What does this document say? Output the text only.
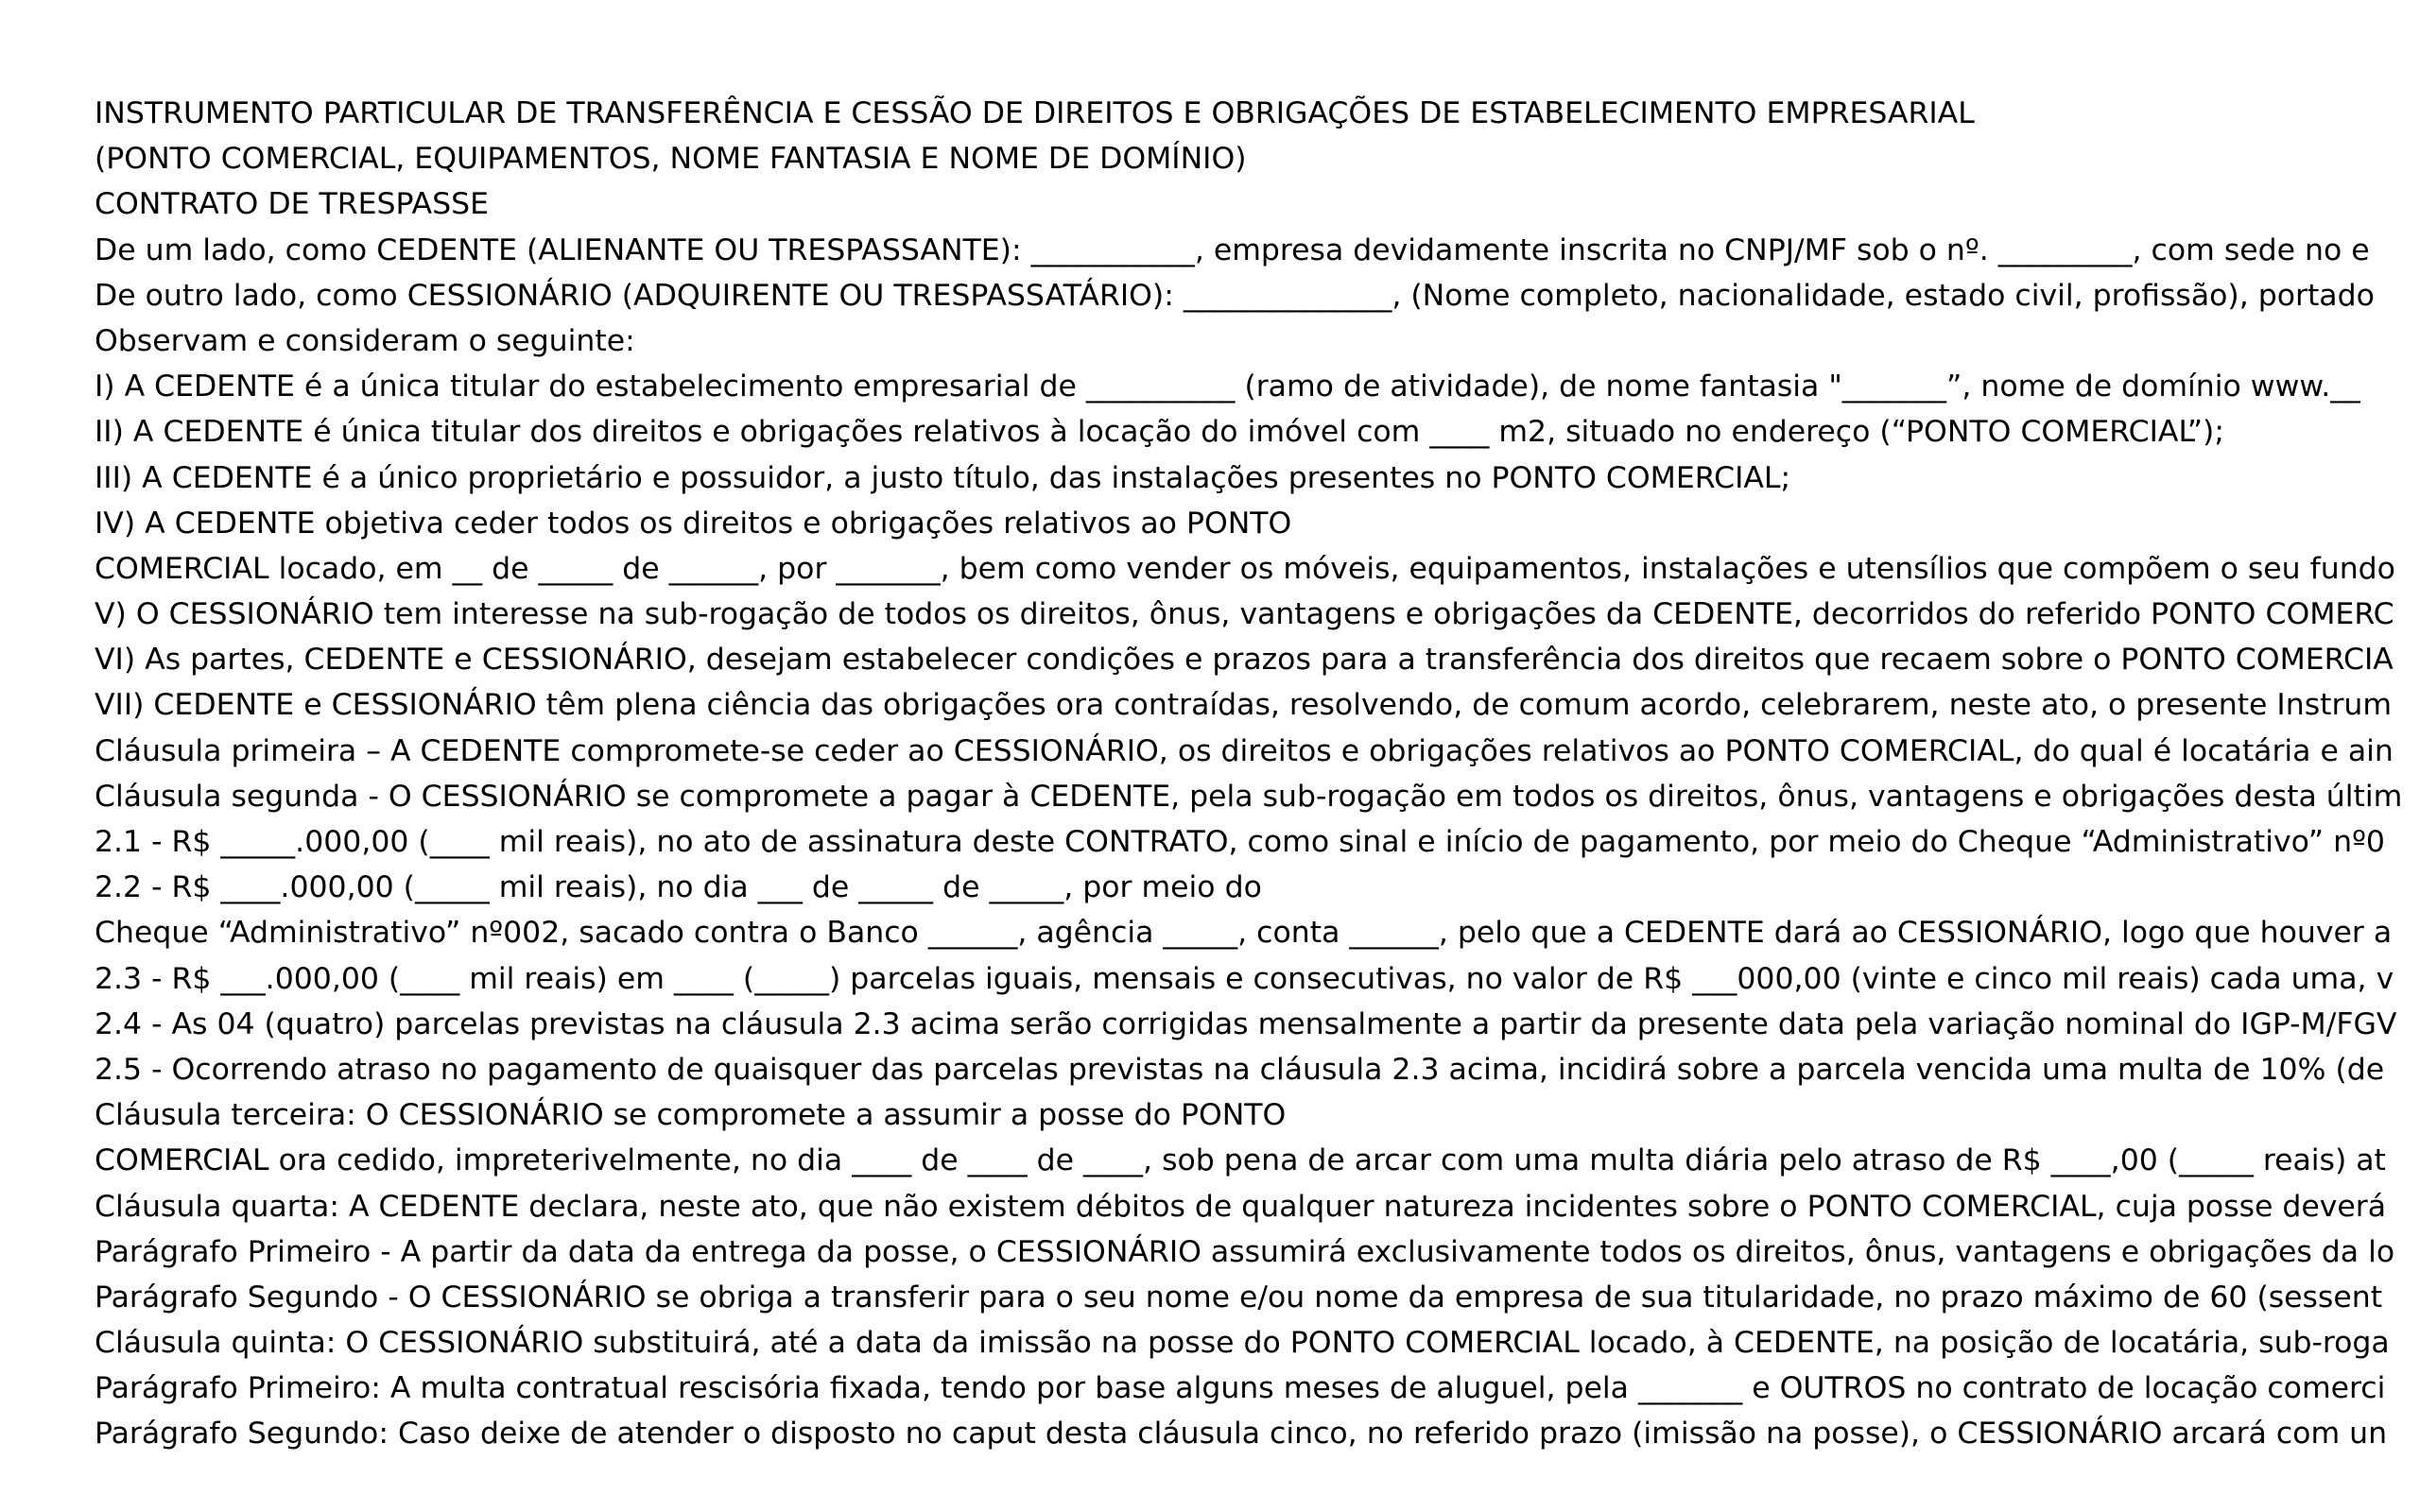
INSTRUMENTO PARTICULAR DE TRANSFERÊNCIA E CESSÃO DE DIREITOS E OBRIGAÇÕES DE ESTABELECIMENTO EMPRESARIAL
(PONTO COMERCIAL, EQUIPAMENTOS, NOME FANTASIA E NOME DE DOMÍNIO)
CONTRATO DE TRESPASSE
De um lado, como CEDENTE (ALIENANTE OU TRESPASSANTE): ___________, empresa devidamente inscrita no CNPJ/MF sob o nº. _________, com sede no e
De outro lado, como CESSIONÁRIO (ADQUIRENTE OU TRESPASSATÁRIO): ______________, (Nome completo, nacionalidade, estado civil, profissão), portado
Observam e consideram o seguinte:
I) A CEDENTE é a única titular do estabelecimento empresarial de __________ (ramo de atividade), de nome fantasia "_______”, nome de domínio www.__
II) A CEDENTE é única titular dos direitos e obrigações relativos à locação do imóvel com ____ m2, situado no endereço (“PONTO COMERCIAL”);
III) A CEDENTE é a único proprietário e possuidor, a justo título, das instalações presentes no PONTO COMERCIAL;
IV) A CEDENTE objetiva ceder todos os direitos e obrigações relativos ao PONTO
COMERCIAL locado, em __ de _____ de ______, por _______, bem como vender os móveis, equipamentos, instalações e utensílios que compõem o seu fundo
V) O CESSIONÁRIO tem interesse na sub-rogação de todos os direitos, ônus, vantagens e obrigações da CEDENTE, decorridos do referido PONTO COMERC
VI) As partes, CEDENTE e CESSIONÁRIO, desejam estabelecer condições e prazos para a transferência dos direitos que recaem sobre o PONTO COMERCIA
VII) CEDENTE e CESSIONÁRIO têm plena ciência das obrigações ora contraídas, resolvendo, de comum acordo, celebrarem, neste ato, o presente Instrum
Cláusula primeira – A CEDENTE compromete-se ceder ao CESSIONÁRIO, os direitos e obrigações relativos ao PONTO COMERCIAL, do qual é locatária e ain
Cláusula segunda - O CESSIONÁRIO se compromete a pagar à CEDENTE, pela sub-rogação em todos os direitos, ônus, vantagens e obrigações desta últim
2.1 - R$ _____.000,00 (____ mil reais), no ato de assinatura deste CONTRATO, como sinal e início de pagamento, por meio do Cheque “Administrativo” nº0
2.2 - R$ ____.000,00 (_____ mil reais), no dia ___ de _____ de _____, por meio do
Cheque “Administrativo” nº002, sacado contra o Banco ______, agência _____, conta ______, pelo que a CEDENTE dará ao CESSIONÁRIO, logo que houver a
2.3 - R$ ___.000,00 (____ mil reais) em ____ (_____) parcelas iguais, mensais e consecutivas, no valor de R$ ___000,00 (vinte e cinco mil reais) cada uma, v
2.4 - As 04 (quatro) parcelas previstas na cláusula 2.3 acima serão corrigidas mensalmente a partir da presente data pela variação nominal do IGP-M/FGV
2.5 - Ocorrendo atraso no pagamento de quaisquer das parcelas previstas na cláusula 2.3 acima, incidirá sobre a parcela vencida uma multa de 10% (de
Cláusula terceira: O CESSIONÁRIO se compromete a assumir a posse do PONTO
COMERCIAL ora cedido, impreterivelmente, no dia ____ de ____ de ____, sob pena de arcar com uma multa diária pelo atraso de R$ ____,00 (_____ reais) at
Cláusula quarta: A CEDENTE declara, neste ato, que não existem débitos de qualquer natureza incidentes sobre o PONTO COMERCIAL, cuja posse deverá
Parágrafo Primeiro - A partir da data da entrega da posse, o CESSIONÁRIO assumirá exclusivamente todos os direitos, ônus, vantagens e obrigações da lo
Parágrafo Segundo - O CESSIONÁRIO se obriga a transferir para o seu nome e/ou nome da empresa de sua titularidade, no prazo máximo de 60 (sessent
Cláusula quinta: O CESSIONÁRIO substituirá, até a data da imissão na posse do PONTO COMERCIAL locado, à CEDENTE, na posição de locatária, sub-roga
Parágrafo Primeiro: A multa contratual rescisória fixada, tendo por base alguns meses de aluguel, pela _______ e OUTROS no contrato de locação comerci
Parágrafo Segundo: Caso deixe de atender o disposto no caput desta cláusula cinco, no referido prazo (imissão na posse), o CESSIONÁRIO arcará com un
